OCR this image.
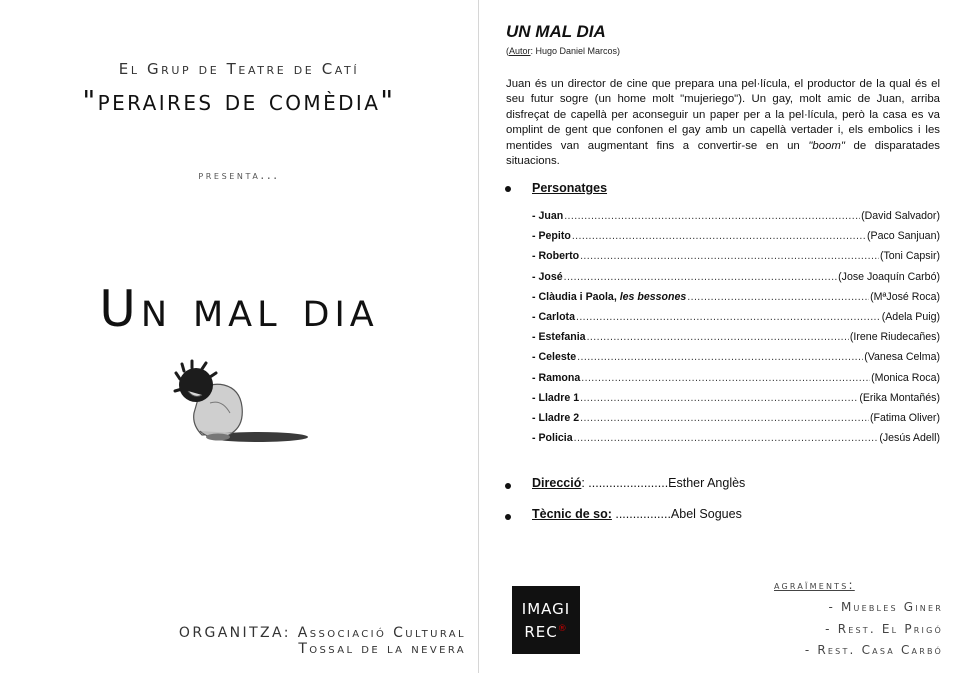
El Grup de Teatre de Catí
"peraires de comèdia"
presenta...
Un mal dia
ORGANITZA: Associació Cultural
Tossal de la nevera
UN MAL DIA
(Autor: Hugo Daniel Marcos)
Juan és un director de cine que prepara una pel·lícula, el productor de la qual és el seu futur sogre (un home molt "mujeriego"). Un gay, molt amic de Juan, arriba disfreçat de capellà per aconseguir un paper per a la pel·lícula, però la casa es va omplint de gent que confonen el gay amb un capellà vertader i, els embolics i les mentides van augmentant fins a convertir-se en un "boom" de disparatades situacions.
Personatges
- Juan .....	(David Salvador)
- Pepito .....	(Paco Sanjuan)
- Roberto .....	(Toni Capsir)
- José .....	(Jose Joaquín Carbó)
- Clàudia i Paola, les bessones .....	(MªJosé Roca)
- Carlota .....	(Adela Puig)
- Estefania .....	(Irene Riudecañes)
- Celeste .....	(Vanesa Celma)
- Ramona .....	(Monica Roca)
- Lladre 1 .....	(Erika Montañés)
- Lladre 2 .....	(Fatima Oliver)
- Policia .....	(Jesús Adell)
Direcció: .......................Esther Anglès
Tècnic de so: ................Abel Sogues
IMAGI
REC®
agraïments:
- Muebles Giner
- Rest. El Prigó
- Rest. Casa Carbó
